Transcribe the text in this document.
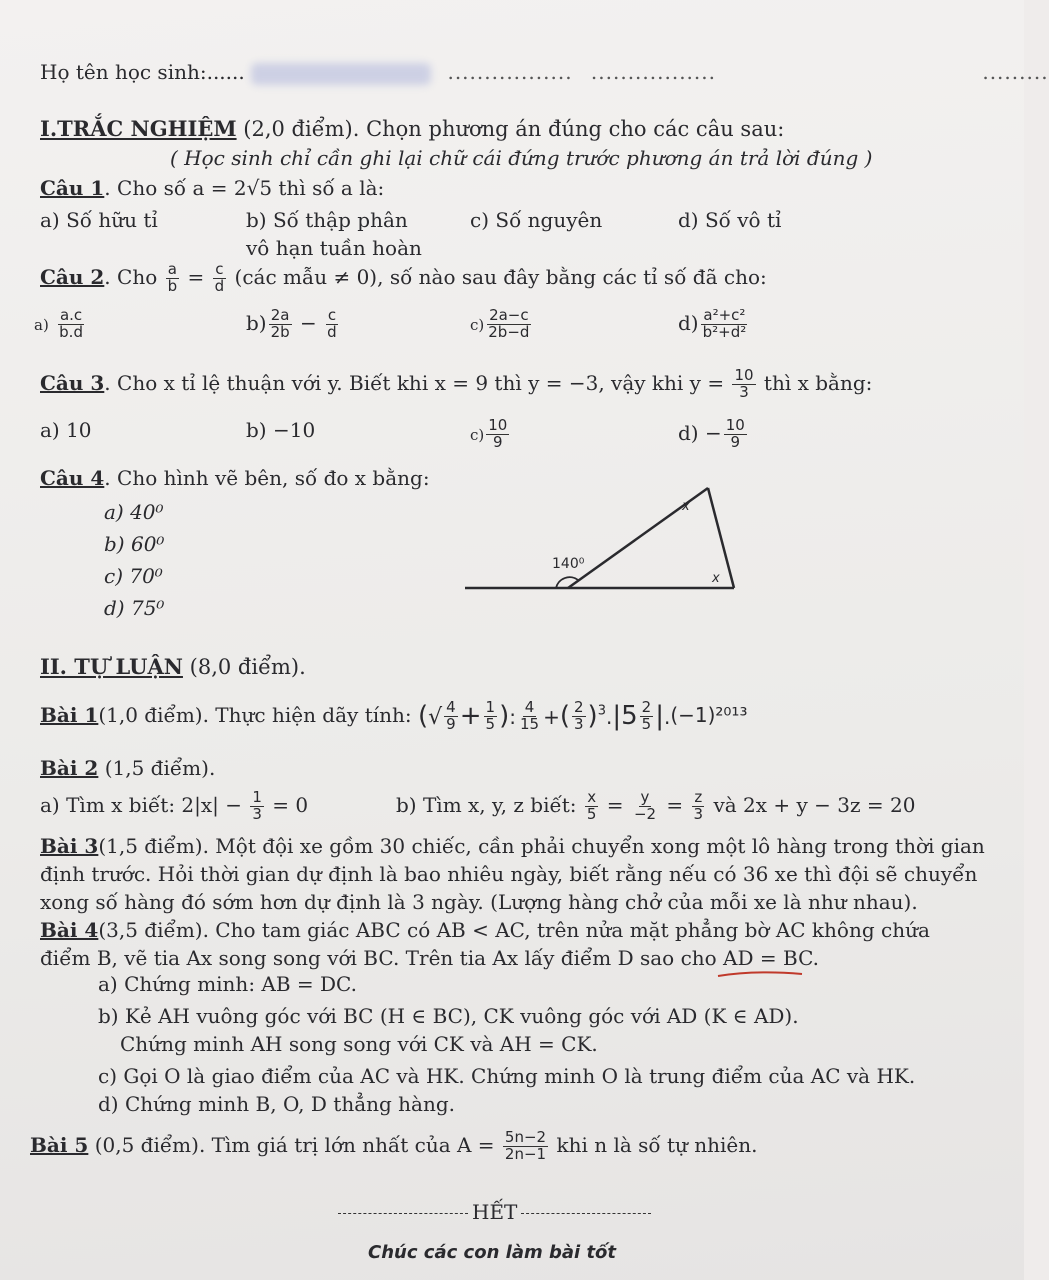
Họ tên học sinh:......	................. .................	.........
I.TRẮC NGHIỆM (2,0 điểm). Chọn phương án đúng cho các câu sau:
( Học sinh chỉ cần ghi lại chữ cái đứng trước phương án trả lời đúng )
Câu 1. Cho số a = 2√5 thì số a là:
a) Số hữu tỉ	b) Số thập phân
vô hạn tuần hoàn
c) Số nguyên	d) Số vô tỉ
Câu 2. Cho $\frac{a}{b} = \frac{c}{d}$ (các mẫu ≠ 0), số nào sau đây bằng các tỉ số đã cho:
$a) \frac{a.c}{b.d}$	$b) \frac{2a}{2b} - \frac{c}{d}$	$c) \frac{2a-c}{2b-d}$	$d) \frac{\text{a²+c²}}{\text{b²+d²}}$
Câu 3. Cho x tỉ lệ thuận với y. Biết khi x = 9 thì y = −3, vậy khi $y = \frac{10}{3}$ thì x bằng:
a) 10	b) −10	$c) \frac{10}{9}$	$d) - \frac{10}{9}$
Câu 4. Cho hình vẽ bên, số đo x bằng:
a) 40⁰
b) 60⁰
c) 70⁰
d) 75⁰
140⁰
x
x
II. TỰ LUẬN (8,0 điểm).
Bài 1(1,0 điểm). Thực hiện dãy tính: (√ $\frac{4}{9} + \frac{1}{5}$ ): $\frac{4}{15}$ +( $\frac{2}{3} )^3.|5 \frac{2}{5} |.(-1)^{2013}$
Bài 2 (1,5 điểm).
a) Tìm x biết: $2|x| - \frac{1}{3} = 0$	b) Tìm x, y, z biết: $\frac{x}{5} = \frac{y}{-2} = \frac{z}{3}$ và 2x + y − 3z = 20
Bài 3(1,5 điểm). Một đội xe gồm 30 chiếc, cần phải chuyển xong một lô hàng trong thời gian
định trước. Hỏi thời gian dự định là bao nhiêu ngày, biết rằng nếu có 36 xe thì đội sẽ chuyển
xong số hàng đó sớm hơn dự định là 3 ngày. (Lượng hàng chở của mỗi xe là như nhau).
Bài 4(3,5 điểm). Cho tam giác ABC có AB < AC, trên nửa mặt phẳng bờ AC không chứa
điểm B, vẽ tia Ax song song với BC. Trên tia Ax lấy điểm D sao cho AD = BC.
a) Chứng minh: AB = DC.
b) Kẻ AH vuông góc với BC (H ∈ BC), CK vuông góc với AD (K ∈ AD).
Chứng minh AH song song với CK và AH = CK.
c) Gọi O là giao điểm của AC và HK. Chứng minh O là trung điểm của AC và HK.
d) Chứng minh B, O, D thẳng hàng.
Bài 5 (0,5 điểm). Tìm giá trị lớn nhất của $A = \frac{5n-2}{2n-1}$ khi n là số tự nhiên.
HẾT
Chúc các con làm bài tốt
